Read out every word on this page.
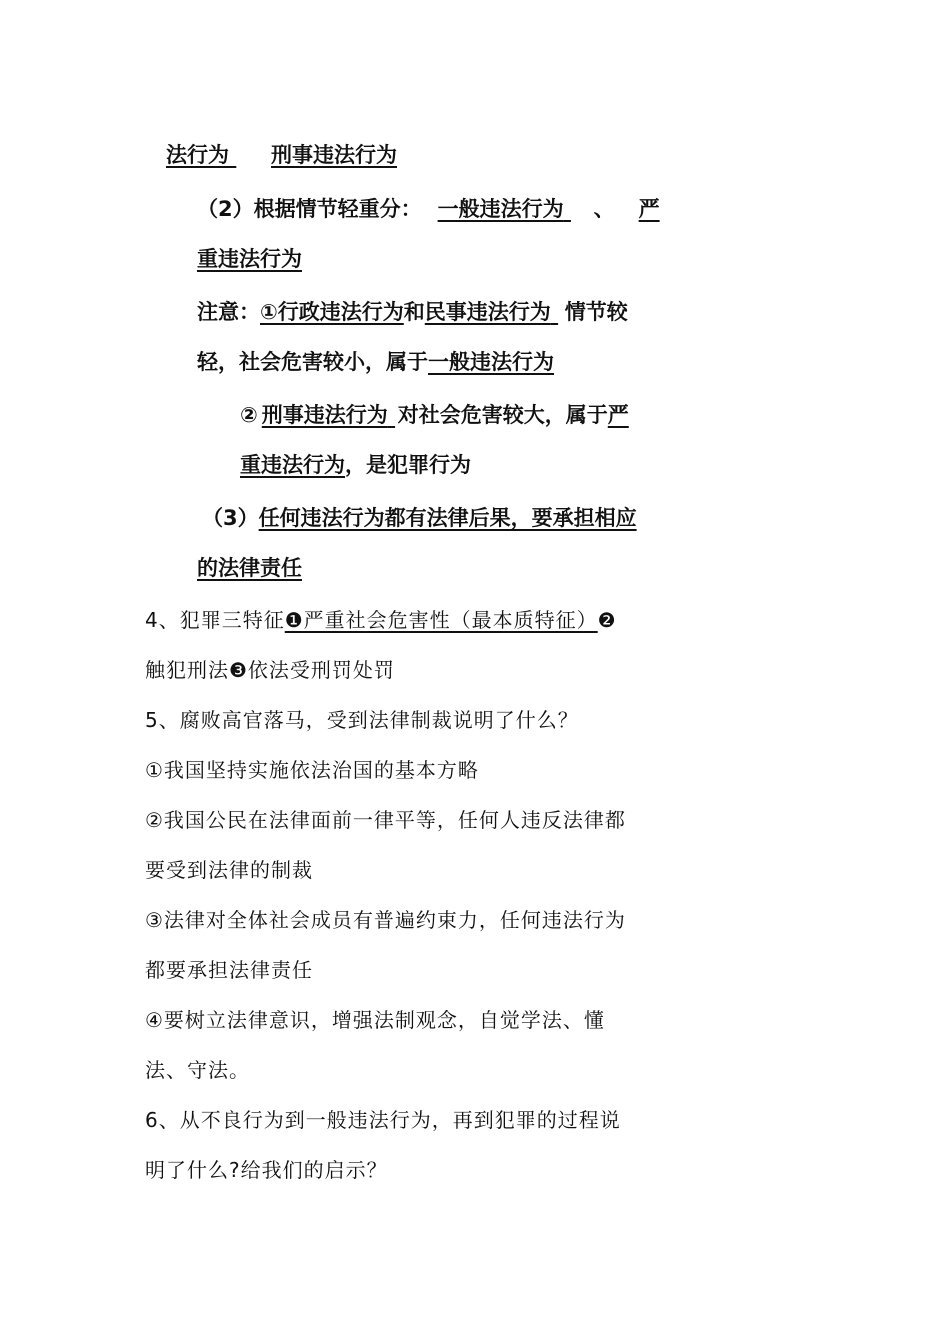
法行为 刑事违法行为
（2）根据情节轻重分： 一般违法行为 、 严
重违法行为
注意：①行政违法行为和民事违法行为 情节较
轻，社会危害较小，属于一般违法行为
② 刑事违法行为 对社会危害较大，属于严
重违法行为，是犯罪行为
（3）任何违法行为都有法律后果，要承担相应
的法律责任
4、犯罪三特征❶严重社会危害性（最本质特征）❷
触犯刑法❸依法受刑罚处罚
5、腐败高官落马，受到法律制裁说明了什么？
①我国坚持实施依法治国的基本方略
②我国公民在法律面前一律平等，任何人违反法律都
要受到法律的制裁
③法律对全体社会成员有普遍约束力，任何违法行为
都要承担法律责任
④要树立法律意识，增强法制观念，自觉学法、懂
法、守法。
6、从不良行为到一般违法行为，再到犯罪的过程说
明了什么?给我们的启示？
